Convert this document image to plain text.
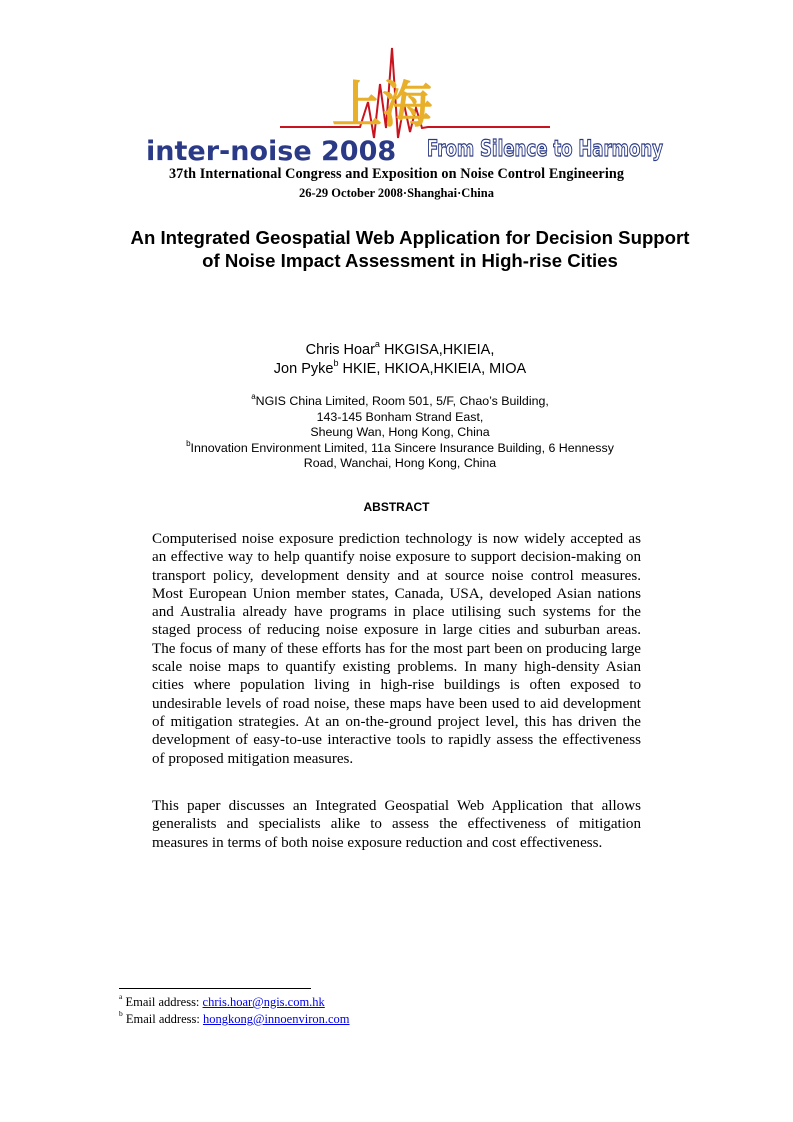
上海
inter-noise 2008 From Silence to Harmony
37th International Congress and Exposition on Noise Control Engineering
26-29 October 2008·Shanghai·China
An Integrated Geospatial Web Application for Decision Support
of Noise Impact Assessment in High-rise Cities
Chris Hoar$^a$ HKGISA,HKIEIA,
Jon Pyke$^b$ HKIE, HKIOA,HKIEIA, MIOA
$^a$NGIS China Limited, Room 501, 5/F, Chao’s Building,
143-145 Bonham Strand East,
Sheung Wan, Hong Kong, China
$^b$Innovation Environment Limited, 11a Sincere Insurance Building, 6 Hennessy
Road, Wanchai, Hong Kong, China
ABSTRACT
Computerised noise exposure prediction technology is now widely accepted as an effective way to help quantify noise exposure to support decision-making on transport policy, development density and at source noise control measures. Most European Union member states, Canada, USA, developed Asian nations and Australia already have programs in place utilising such systems for the staged process of reducing noise exposure in large cities and suburban areas. The focus of many of these efforts has for the most part been on producing large scale noise maps to quantify existing problems. In many high-density Asian cities where population living in high-rise buildings is often exposed to undesirable levels of road noise, these maps have been used to aid development of mitigation strategies. At an on-the-ground project level, this has driven the development of easy-to-use interactive tools to rapidly assess the effectiveness of proposed mitigation measures.
This paper discusses an Integrated Geospatial Web Application that allows generalists and specialists alike to assess the effectiveness of mitigation measures in terms of both noise exposure reduction and cost effectiveness.
$^a$ Email address: chris.hoar@ngis.com.hk
$^b$ Email address: hongkong@innoenviron.com
